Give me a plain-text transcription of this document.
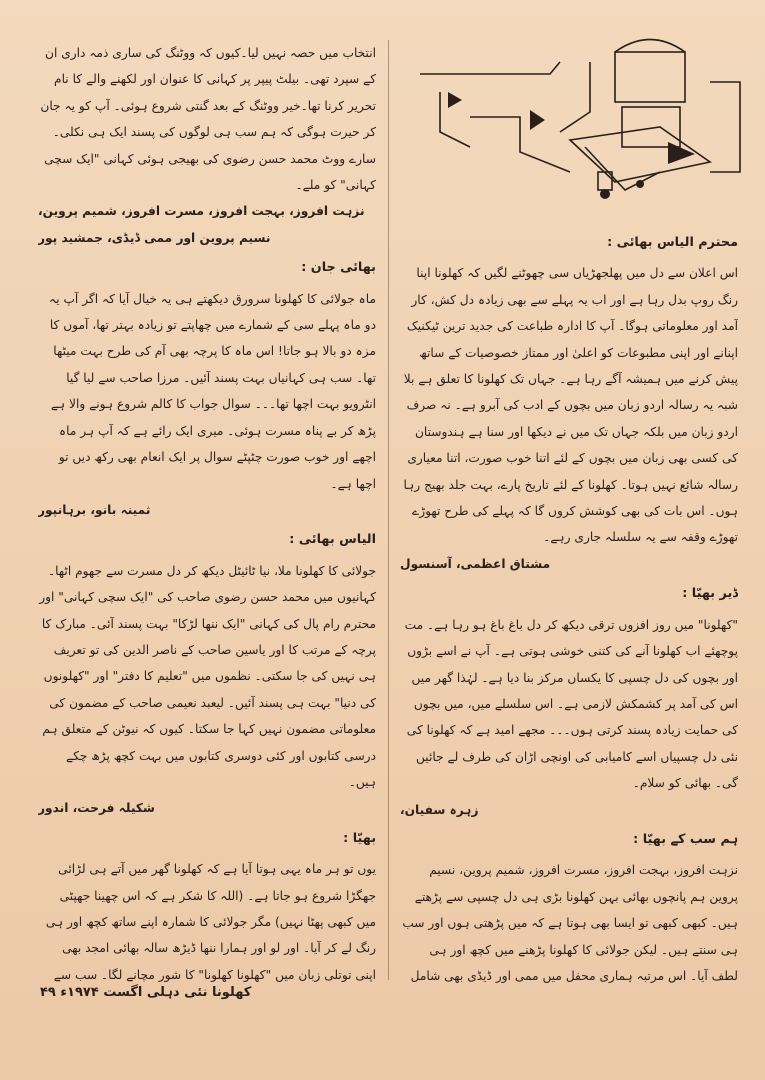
محترم الیاس بھائی :

اس اعلان سے دل میں پھلجھڑیاں سی چھوٹنے لگیں کہ کھلونا اپنا رنگ روپ بدل رہا ہے اور اب یہ پہلے سے بھی زیادہ دل کش، کار آمد اور معلوماتی ہوگا۔ آپ کا ادارہ طباعت کی جدید ترین ٹیکنیک اپنانے اور اپنی مطبوعات کو اعلیٰ اور ممتاز خصوصیات کے ساتھ پیش کرنے میں ہمیشہ آگے رہا ہے۔ جہاں تک کھلونا کا تعلق ہے بلا شبہ یہ رسالہ اردو زبان میں بچوں کے ادب کی آبرو ہے۔ نہ صرف اردو زبان میں بلکہ جہاں تک میں نے دیکھا اور سنا ہے ہندوستان کی کسی بھی زبان میں بچوں کے لئے اتنا خوب صورت، اتنا معیاری رسالہ شائع نہیں ہوتا۔ کھلونا کے لئے تاریخ پارے، بہت جلد بھیج رہا ہوں۔ اس بات کی بھی کوشش کروں گا کہ پہلے کی طرح تھوڑے تھوڑے وقفہ سے یہ سلسلہ جاری رہے۔

مشتاق اعظمی، آسنسول

ڈیر بھیّا :

"کھلونا" میں روز افزوں ترقی دیکھ کر دل باغ باغ ہو رہا ہے۔ مت پوچھئے اب کھلونا آنے کی کتنی خوشی ہوتی ہے۔ آپ نے اسے بڑوں اور بچوں کی دل چسپی کا یکساں مرکز بنا دیا ہے۔ لہٰذا گھر میں اس کی آمد پر کشمکش لازمی ہے۔ اس سلسلے میں، میں بچوں کی حمایت زیادہ پسند کرتی ہوں۔۔۔ مجھے امید ہے کہ کھلونا کی نئی دل چسپیاں اسے کامیابی کی اونچی اڑان کی طرف لے جائیں گی۔ بھائی کو سلام۔

زہرہ سفیان،

ہم سب کے بھیّا :

نزہت افروز، بہجت افروز، مسرت افروز، شمیم پروین، نسیم پروین ہم پانچوں بھائی بہن کھلونا بڑی ہی دل چسپی سے پڑھتے ہیں۔ کبھی کبھی تو ایسا بھی ہوتا ہے کہ میں پڑھتی ہوں اور سب ہی سنتے ہیں۔ لیکن جولائی کا کھلونا پڑھنے میں کچھ اور ہی لطف آیا۔ اس مرتبہ ہماری محفل میں ممی اور ڈیڈی بھی شامل

انتخاب میں حصہ نہیں لیا۔کیوں کہ ووٹنگ کی ساری ذمہ داری ان کے سپرد تھی۔ بیلٹ پیپر پر کہانی کا عنوان اور لکھنے والے کا نام تحریر کرنا تھا۔خیر ووٹنگ کے بعد گنتی شروع ہوئی۔ آپ کو یہ جان کر حیرت ہوگی کہ ہم سب ہی لوگوں کی پسند ایک ہی نکلی۔ سارے ووٹ محمد حسن رضوی کی بھیجی ہوئی کہانی "ایک سچی کہانی" کو ملے۔

نزہت افروز، بہجت افروز، مسرت افروز، شمیم پروین، نسیم پروین اور ممی ڈیڈی، جمشید پور

بھائی جان :

ماہ جولائی کا کھلونا سرورق دیکھتے ہی یہ خیال آیا کہ اگر آپ یہ دو ماہ پہلے سی کے شمارے میں چھاپتے تو زیادہ بہتر تھا، آموں کا مزہ دو بالا ہو جاتا! اس ماہ کا پرچہ بھی آم کی طرح بہت میٹھا تھا۔ سب ہی کہانیاں بہت پسند آئیں۔ مرزا صاحب سے لیا گیا انٹرویو بہت اچھا تھا۔۔۔ سوال جواب کا کالم شروع ہونے والا ہے پڑھ کر بے پناہ مسرت ہوئی۔ میری ایک رائے ہے کہ آپ ہر ماہ اچھے اور خوب صورت چٹپٹے سوال پر ایک انعام بھی رکھ دیں تو اچھا ہے۔

ثمینہ بانو، برہانپور

الیاس بھائی :

جولائی کا کھلونا ملا، نیا ٹائیٹل دیکھ کر دل مسرت سے جھوم اٹھا۔ کہانیوں میں محمد حسن رضوی صاحب کی "ایک سچی کہانی" اور محترم رام پال کی کہانی "ایک ننھا لڑکا" بہت پسند آئی۔ مبارک کا پرچہ کے مرتب کا اور یاسین صاحب کے ناصر الدین کی تو تعریف ہی نہیں کی جا سکتی۔ نظموں میں "تعلیم کا دفتر" اور "کھلونوں کی دنیا" بہت ہی پسند آئیں۔ لیعبد نعیمی صاحب کے مضمون کی معلوماتی مضمون نہیں کہا جا سکتا۔ کیوں کہ نیوٹن کے متعلق ہم درسی کتابوں اور کئی دوسری کتابوں میں بہت کچھ پڑھ چکے ہیں۔

شکیلہ فرحت، اندور

بھیّا :

یوں تو ہر ماہ یہی ہوتا آیا ہے کہ کھلونا گھر میں آتے ہی لڑائی جھگڑا شروع ہو جاتا ہے۔ (اللہ کا شکر ہے کہ اس چھینا جھپٹی میں کبھی پھٹا نہیں) مگر جولائی کا شمارہ اپنے ساتھ کچھ اور ہی رنگ لے کر آیا۔ اور لو اور ہمارا ننھا ڈیڑھ سالہ بھائی امجد بھی اپنی توتلی زبان میں "کھلونا کھلونا" کا شور مچانے لگا۔ سب سے

کھلونا نئی دہلی اگست ۱۹۷۴ء ۴۹
